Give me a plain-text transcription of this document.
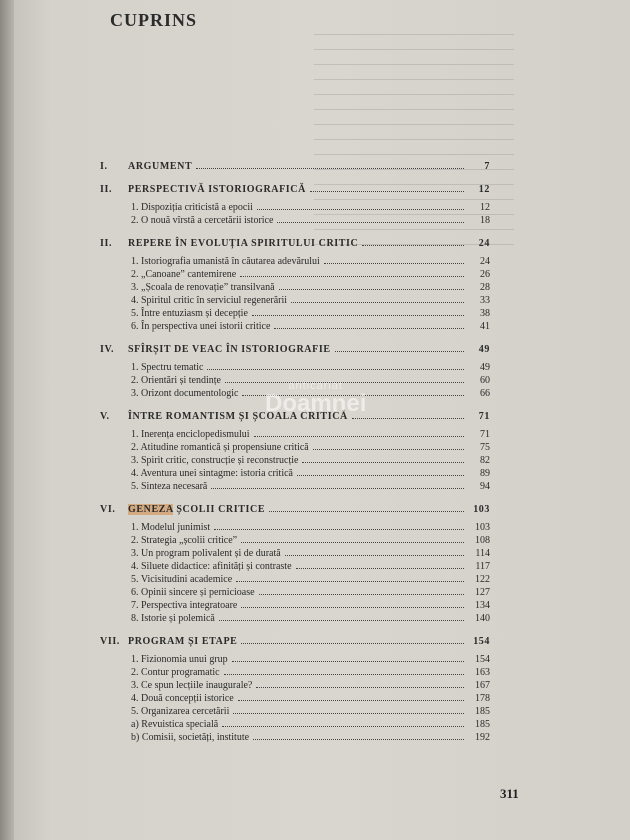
CUPRINS
I.	ARGUMENT	7
II.	PERSPECTIVĂ ISTORIOGRAFICĂ	12
1. Dispoziția criticistă a epocii	12
2. O nouă vîrstă a cercetării istorice	18
II.	REPERE ÎN EVOLUȚIA SPIRITULUI CRITIC	24
1. Istoriografia umanistă în căutarea adevărului	24
2. „Canoane” cantemirene	26
3. „Școala de renovație” transilvană	28
4. Spiritul critic în serviciul regenerării	33
5. Între entuziasm și decepție	38
6. În perspectiva unei istorii critice	41
IV.	SFÎRȘIT DE VEAC ÎN ISTORIOGRAFIE	49
1. Spectru tematic	49
2. Orientări și tendințe	60
3. Orizont documentologic	66
V.	ÎNTRE ROMANTISM ȘI ȘCOALA CRITICĂ	71
1. Inerența enciclopedismului	71
2. Atitudine romantică și propensiune critică	75
3. Spirit critic, construcție și reconstrucție	82
4. Aventura unei sintagme: istoria critică	89
5. Sinteza necesară	94
VI.	GENEZA ȘCOLII CRITICE	103
1. Modelul junimist	103
2. Strategia „școlii critice”	108
3. Un program polivalent și de durată	114
4. Siluete didactice: afinități și contraste	117
5. Vicisitudini academice	122
6. Opinii sincere și pernicioase	127
7. Perspectiva integratoare	134
8. Istorie și polemică	140
VII. PROGRAM ȘI ETAPE	154
1. Fizionomia unui grup	154
2. Contur programatic	163
3. Ce spun lecțiile inaugurale?	167
4. Două concepții istorice	178
5. Organizarea cercetării	185
a) Revuistica specială	185
b) Comisii, societăți, institute	192
anticariat
Doamnei
311
